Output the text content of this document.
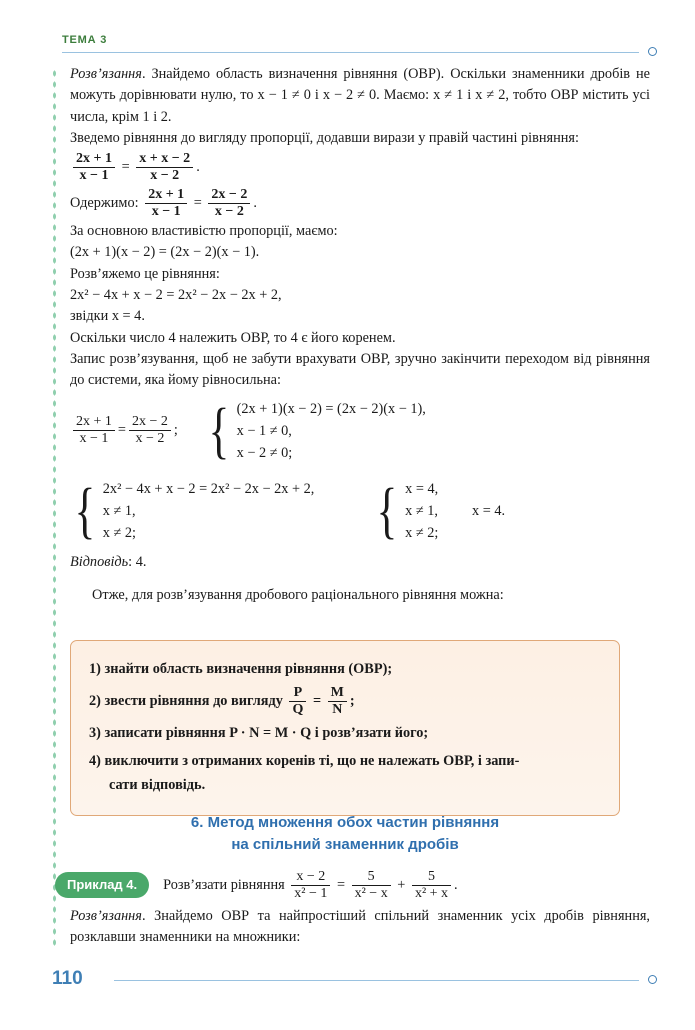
ТЕМА 3
Розв’язання. Знайдемо область визначення рівняння (ОВР). Оскільки знаменники дробів не можуть дорівнювати нулю, то x − 1 ≠ 0 і x − 2 ≠ 0. Маємо: x ≠ 1 і x ≠ 2, тобто ОВР містить усі числа, крім 1 і 2.
Зведемо рівняння до вигляду пропорції, додавши вирази у правій частині рівняння:
$\frac{2x + 1}{x - 1} = \frac{x + x - 2}{x - 2}$ .
Одержимо: $\frac{2x + 1}{x - 1} = \frac{2x - 2}{x - 2}$ .
За основною властивістю пропорції, маємо:
(2x + 1)(x − 2) = (2x − 2)(x − 1).
Розв’яжемо це рівняння:
2x² − 4x + x − 2 = 2x² − 2x − 2x + 2,
звідки x = 4.
Оскільки число 4 належить ОВР, то 4 є його коренем.
Запис розв’язування, щоб не забути врахувати ОВР, зручно закінчити переходом від рівняння до системи, яка йому рівносильна:
$\frac{2x + 1}{x - 1} = \frac{2x - 2}{x - 2}$ ; { (2x + 1)(x − 2) = (2x − 2)(x − 1),
x − 1 ≠ 0,
x − 2 ≠ 0;
{ 2x² − 4x + x − 2 = 2x² − 2x − 2x + 2,
x ≠ 1,
x ≠ 2;	{ x = 4,
x ≠ 1, x = 4.
x ≠ 2;
Відповідь: 4.
Отже, для розв’язування дробового раціонального рівняння можна:
1) знайти область визначення рівняння (ОВР);
2) звести рівняння до вигляду $\frac{P}{Q} = \frac{M}{N}$ ;
3) записати рівняння P · N = M · Q і розв’язати його;
4) виключити з отриманих коренів ті, що не належать ОВР, і запи-
сати відповідь.
6. Метод множення обох частин рівняння
на спільний знаменник дробів
Приклад 4.	Розв’язати рівняння $\frac{x - 2}{\text{x² − 1}} = \frac{5}{\text{x² − x}} + \frac{5}{\text{x² + x}}$ .
Розв’язання. Знайдемо ОВР та найпростіший спільний знаменник усіх дробів рівняння, розклавши знаменники на множники:
110
